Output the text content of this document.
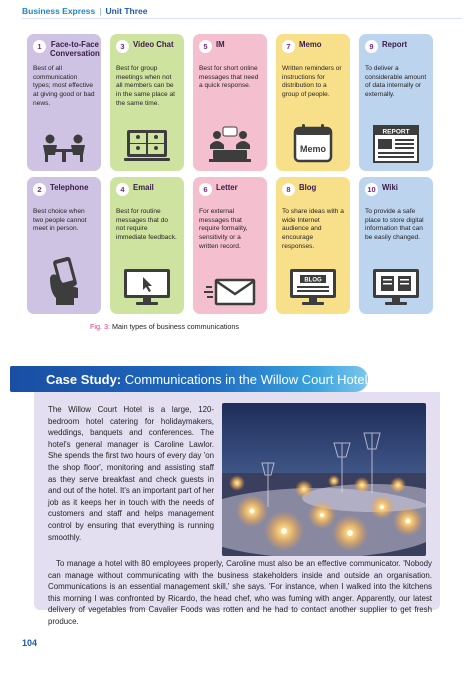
Business Express | Unit Three
1	Face-to-Face Conversation
Best of all communication types; most effective at giving good or bad news.
3	Video Chat
Best for group meetings when not all members can be in the same place at the same time.
5	IM
Best for short online messages that need a quick response.
7	Memo
Written reminders or instructions for distribution to a group of people.
Memo
9	Report
To deliver a considerable amount of data internally or externally.
REPORT
2	Telephone
Best choice when two people cannot meet in person.
4	Email
Best for routine messages that do not require immediate feedback.
6	Letter
For external messages that require formality, sensitivity or a written record.
8	Blog
To share ideas with a wide Internet audience and encourage responses.
BLOG
10 Wiki
To provide a safe place to store digital information that can be easily changed.
Fig. 3: Main types of business communications
Case Study: Communications in the Willow Court Hotel

The Willow Court Hotel is a large, 120-bedroom hotel catering for holidaymakers, weddings, banquets and conferences. The hotel's general manager is Caroline Lawlor. She spends the first two hours of every day 'on the shop floor', monitoring and assisting staff as they serve breakfast and check guests in and out of the hotel. It's an important part of her job as it keeps her in touch with the needs of customers and staff and helps management control by ensuring that everything is running smoothly.

To manage a hotel with 80 employees properly, Caroline must also be an effective communicator. 'Nobody can manage without communicating with the business stakeholders inside and outside an organisation. Communications is an essential management skill,' she says. 'For instance, when I walked into the kitchens this morning I was confronted by Ricardo, the head chef, who was fuming with anger. Apparently, our latest delivery of vegetables from Cavalier Foods was rotten and he had to contact another supplier to get fresh produce.

104
